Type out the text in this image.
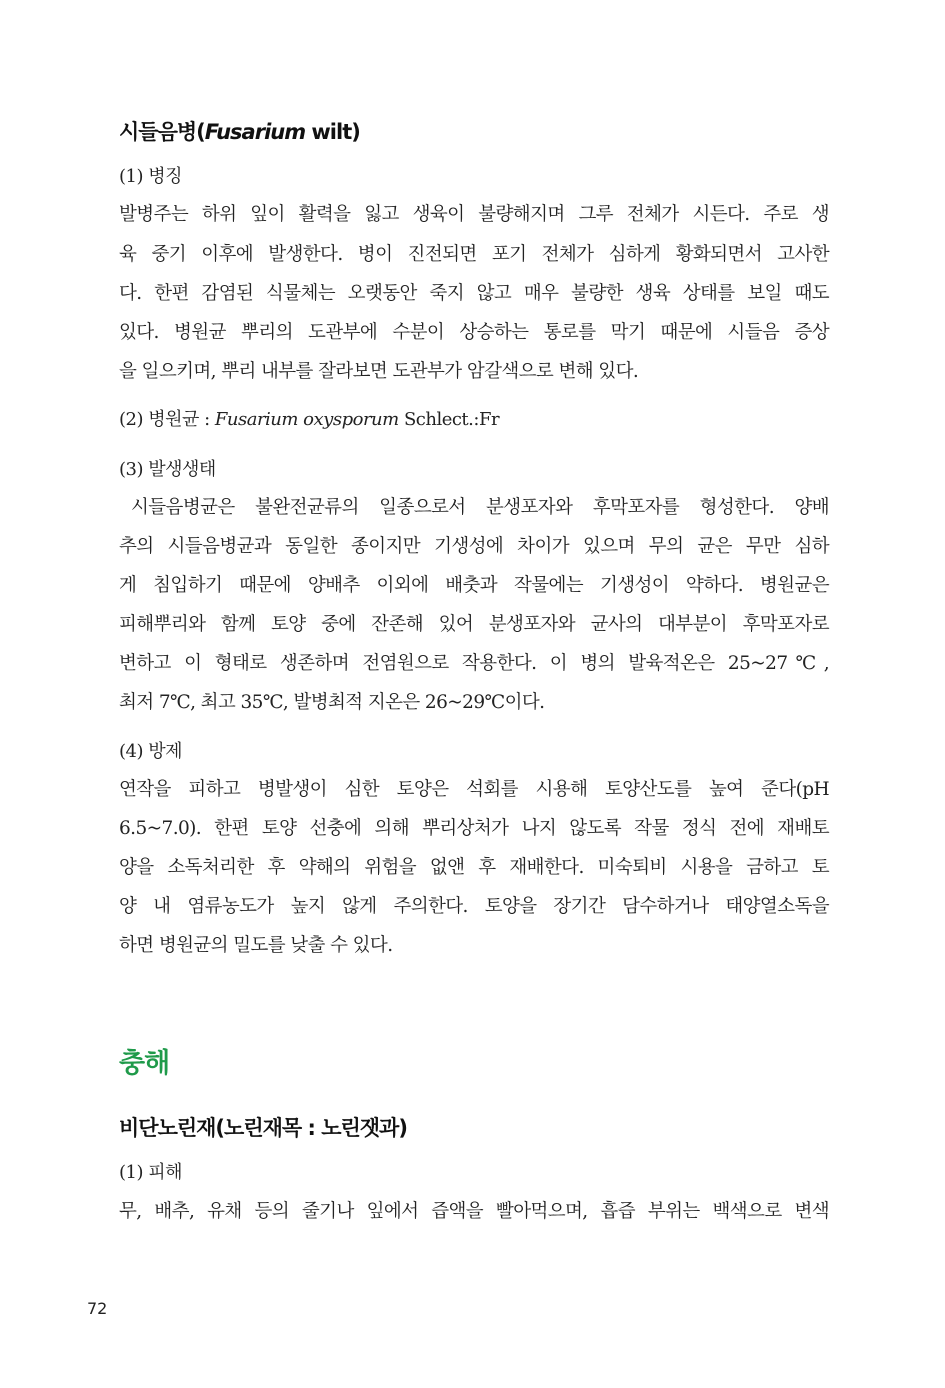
시들음병(Fusarium wilt)
(1) 병징
발병주는 하위 잎이 활력을 잃고 생육이 불량해지며 그루 전체가 시든다. 주로 생
육 중기 이후에 발생한다. 병이 진전되면 포기 전체가 심하게 황화되면서 고사한
다. 한편 감염된 식물체는 오랫동안 죽지 않고 매우 불량한 생육 상태를 보일 때도
있다. 병원균 뿌리의 도관부에 수분이 상승하는 통로를 막기 때문에 시들음 증상
을 일으키며, 뿌리 내부를 잘라보면 도관부가 암갈색으로 변해 있다.
(2) 병원균 : Fusarium oxysporum Schlect.:Fr
(3) 발생생태
시들음병균은 불완전균류의 일종으로서 분생포자와 후막포자를 형성한다. 양배
추의 시들음병균과 동일한 종이지만 기생성에 차이가 있으며 무의 균은 무만 심하
게 침입하기 때문에 양배추 이외에 배춧과 작물에는 기생성이 약하다. 병원균은
피해뿌리와 함께 토양 중에 잔존해 있어 분생포자와 균사의 대부분이 후막포자로
변하고 이 형태로 생존하며 전염원으로 작용한다. 이 병의 발육적온은 25~27℃,
최저 7℃, 최고 35℃, 발병최적 지온은 26~29℃이다.
(4) 방제
연작을 피하고 병발생이 심한 토양은 석회를 시용해 토양산도를 높여 준다(pH
6.5~7.0). 한편 토양 선충에 의해 뿌리상처가 나지 않도록 작물 정식 전에 재배토
양을 소독처리한 후 약해의 위험을 없앤 후 재배한다. 미숙퇴비 시용을 금하고 토
양 내 염류농도가 높지 않게 주의한다. 토양을 장기간 담수하거나 태양열소독을
하면 병원균의 밀도를 낮출 수 있다.
충해
비단노린재(노린재목 : 노린잿과)
(1) 피해
무, 배추, 유채 등의 줄기나 잎에서 즙액을 빨아먹으며, 흡즙 부위는 백색으로 변색
72
